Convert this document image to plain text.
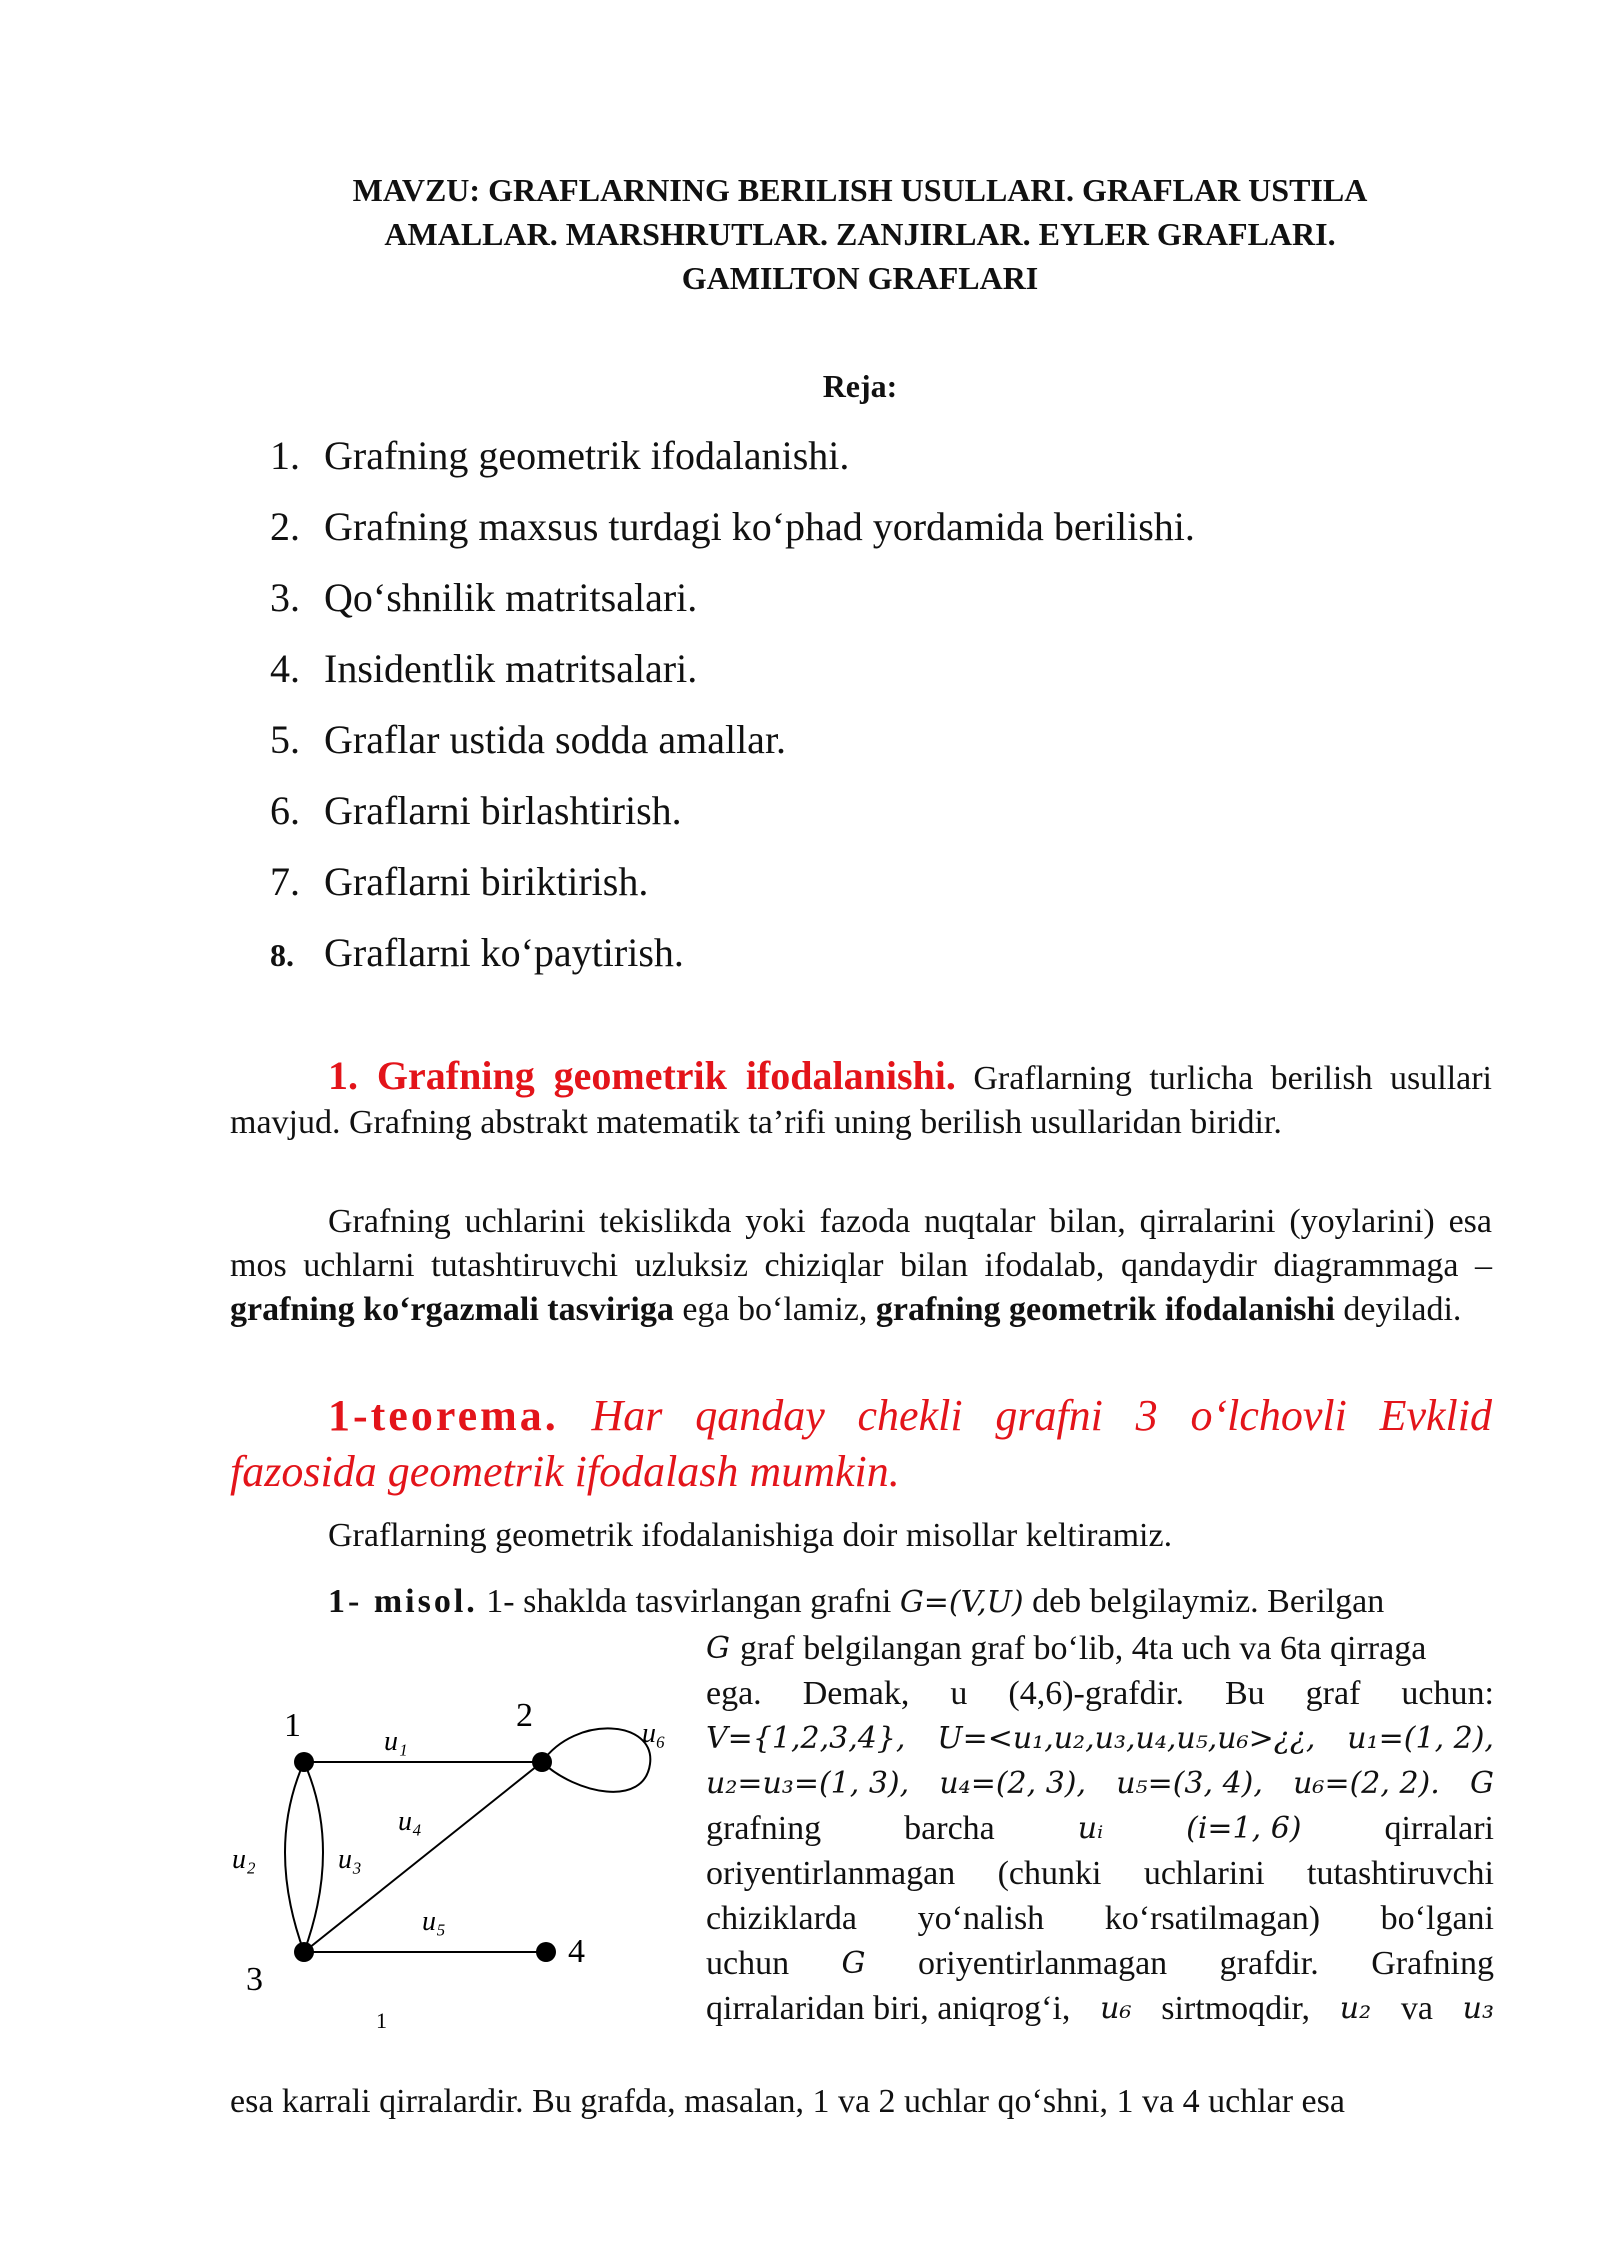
MAVZU: GRAFLARNING BERILISH USULLARI. GRAFLAR USTILA
AMALLAR. MARSHRUTLAR. ZANJIRLAR. EYLER GRAFLARI.
GAMILTON GRAFLARI
Reja:
1. Grafning geometrik ifodalanishi.
2. Grafning maxsus turdagi ko‘phad yordamida berilishi.
3. Qo‘shnilik matritsalari.
4. Insidentlik matritsalari.
5. Graflar ustida sodda amallar.
6. Graflarni birlashtirish.
7. Graflarni biriktirish.
8. Graflarni ko‘paytirish.
1. Grafning geometrik ifodalanishi. Graflarning turlicha berilish usullari mavjud. Grafning abstrakt matematik ta’rifi uning berilish usullaridan biridir.
Grafning uchlarini tekislikda yoki fazoda nuqtalar bilan, qirralarini (yoylarini) esa mos uchlarni tutashtiruvchi uzluksiz chiziqlar bilan ifodalab, qandaydir diagrammaga – grafning ko‘rgazmali tasviriga ega bo‘lamiz, grafning geometrik ifodalanishi deyiladi.
1-teorema. Har qanday chekli grafni 3 o‘lchovli Evklid fazosida geometrik ifodalash mumkin.
Graflarning geometrik ifodalanishiga doir misollar keltiramiz.
1- misol. 1- shaklda tasvirlangan grafni G=(V,U) deb belgilaymiz. Berilgan
1	2
3
4
u₁
u₂	u₃
u₄
u₅
u₆
1
G graf belgilangan graf bo‘lib, 4ta uch va 6ta qirraga
ega. Demak, u (4,6)-grafdir. Bu graf uchun:
V={1,2,3,4}, U=<u₁,u₂,u₃,u₄,u₅,u₆>¿¿, u₁=(1, 2),
u₂=u₃=(1, 3), u₄=(2, 3), u₅=(3, 4), u₆=(2, 2). G
grafning barcha	uᵢ	(i=1, 6) qirralari
oriyentirlanmagan (chunki uchlarini tutashtiruvchi
chiziklarda yo‘nalish ko‘rsatilmagan) bo‘lgani
uchun G oriyentirlanmagan grafdir. Grafning
qirralaridan biri, aniqrog‘i, u₆ sirtmoqdir, u₂ va u₃
esa karrali qirralardir. Bu grafda, masalan, 1 va 2 uchlar qo‘shni, 1 va 4 uchlar esa
